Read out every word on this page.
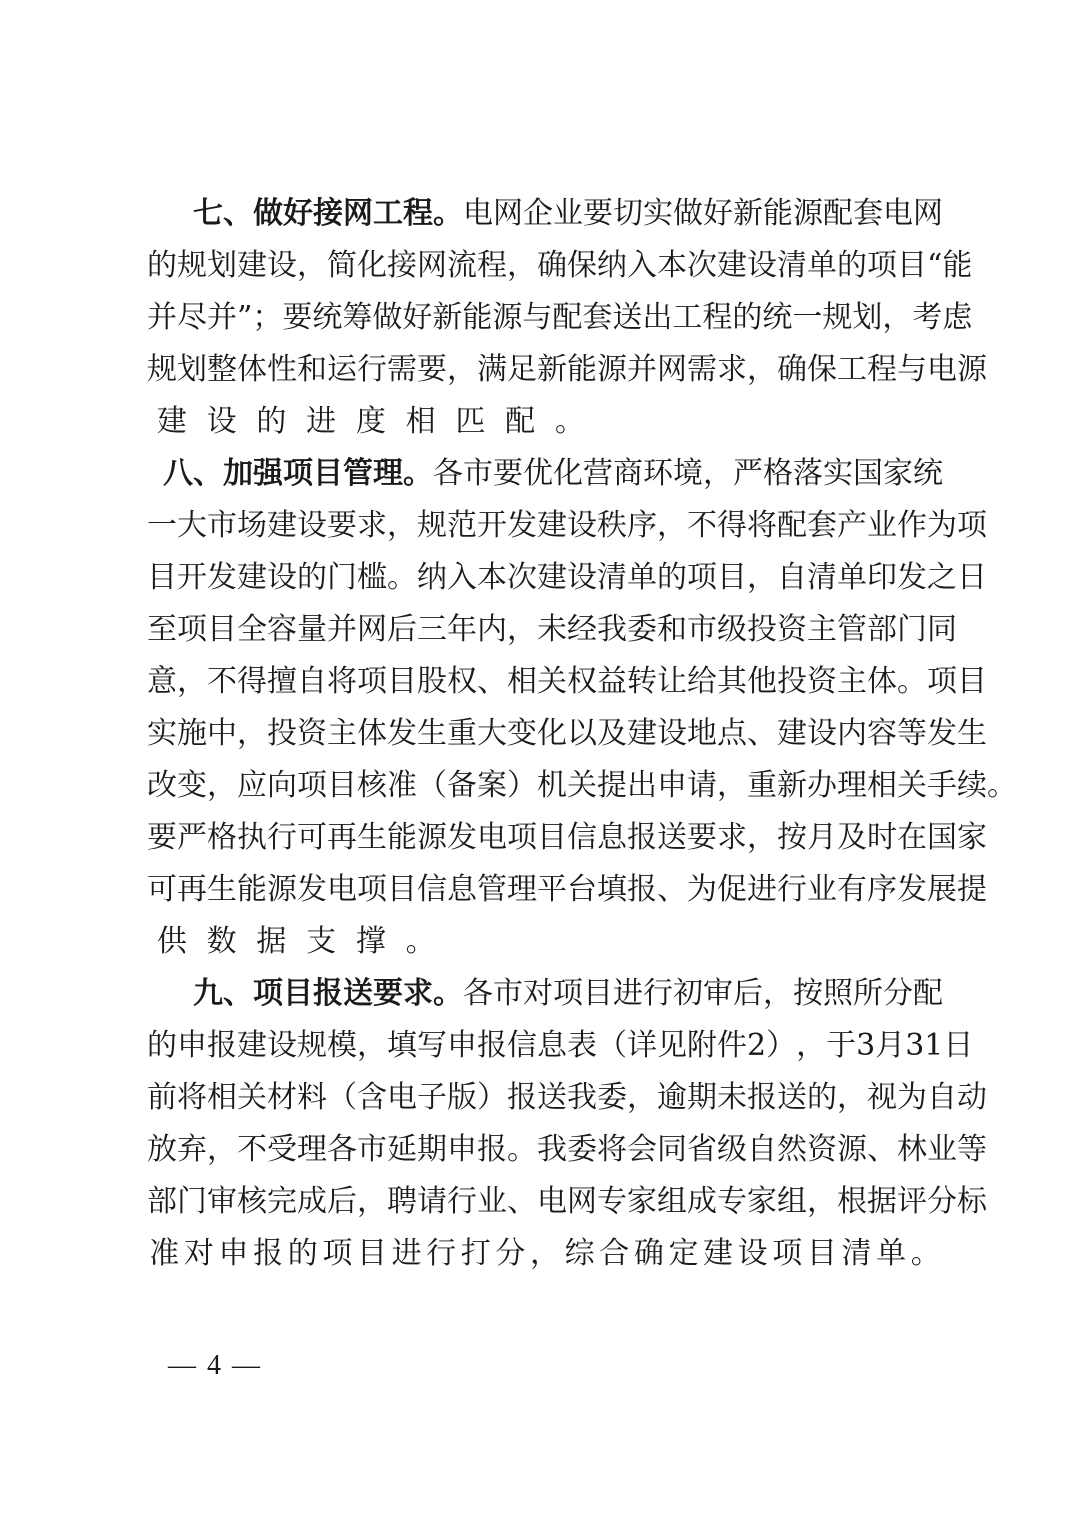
七 、 做 好 接 网 工 程 。 电 网 企 业 要 切 实 做 好 新 能 源 配 套 电 网
的 规 划 建 设 ， 简 化 接 网 流 程 ， 确 保 纳 入 本 次 建 设 清 单 的 项 目 “ 能
并 尽 并 ” ； 要 统 筹 做 好 新 能 源 与 配 套 送 出 工 程 的 统 一 规 划 ， 考 虑
规 划 整 体 性 和 运 行 需 要 ， 满 足 新 能 源 并 网 需 求 ， 确 保 工 程 与 电 源
建 设 的 进 度 相 匹 配 。
八 、 加 强 项 目 管 理 。 各 市 要 优 化 营 商 环 境 ， 严 格 落 实 国 家 统
一 大 市 场 建 设 要 求 ， 规 范 开 发 建 设 秩 序 ， 不 得 将 配 套 产 业 作 为 项
目 开 发 建 设 的 门 槛 。 纳 入 本 次 建 设 清 单 的 项 目 ， 自 清 单 印 发 之 日
至 项 目 全 容 量 并 网 后 三 年 内 ， 未 经 我 委 和 市 级 投 资 主 管 部 门 同
意 ， 不 得 擅 自 将 项 目 股 权 、 相 关 权 益 转 让 给 其 他 投 资 主 体 。 项 目
实 施 中 ， 投 资 主 体 发 生 重 大 变 化 以 及 建 设 地 点 、 建 设 内 容 等 发 生
改 变 ， 应 向 项 目 核 准 （ 备 案 ） 机 关 提 出 申 请 ， 重 新 办 理 相 关 手 续 。
要 严 格 执 行 可 再 生 能 源 发 电 项 目 信 息 报 送 要 求 ， 按 月 及 时 在 国 家
可 再 生 能 源 发 电 项 目 信 息 管 理 平 台 填 报 、 为 促 进 行 业 有 序 发 展 提
供 数 据 支 撑 。
九 、 项 目 报 送 要 求 。 各 市 对 项 目 进 行 初 审 后 ， 按 照 所 分 配
的 申 报 建 设 规 模 ， 填 写 申 报 信 息 表 （ 详 见 附 件 2 ） ， 于 3 月 31 日
前 将 相 关 材 料 （ 含 电 子 版 ） 报 送 我 委 ， 逾 期 未 报 送 的 ， 视 为 自 动
放 弃 ， 不 受 理 各 市 延 期 申 报 。 我 委 将 会 同 省 级 自 然 资 源 、 林 业 等
部 门 审 核 完 成 后 ， 聘 请 行 业 、 电 网 专 家 组 成 专 家 组 ， 根 据 评 分 标
准 对 申 报 的 项 目 进 行 打 分 ， 综 合 确 定 建 设 项 目 清 单 。
— 4 —
